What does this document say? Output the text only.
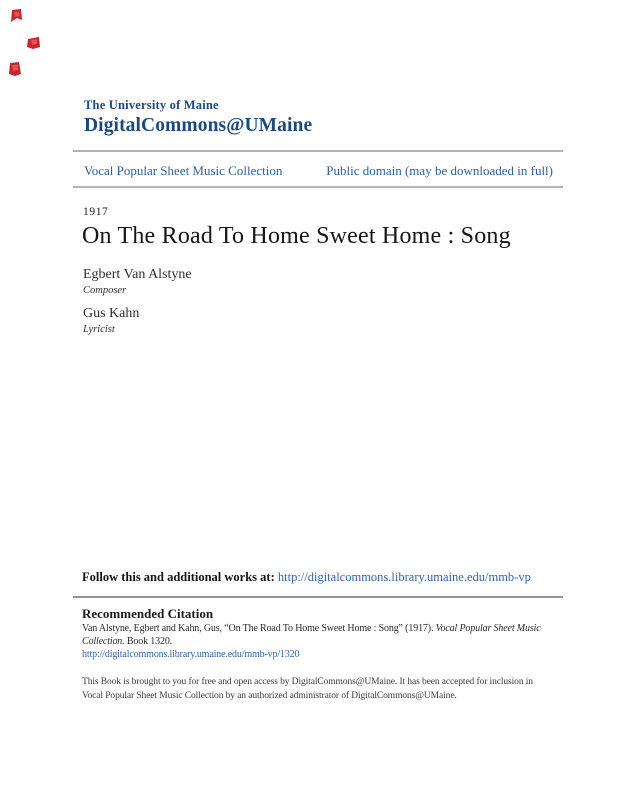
The University of Maine
DigitalCommons@UMaine
Vocal Popular Sheet Music Collection	Public domain (may be downloaded in full)
1917
On The Road To Home Sweet Home : Song
Egbert Van Alstyne
Composer
Gus Kahn
Lyricist
Follow this and additional works at: http://digitalcommons.library.umaine.edu/mmb-vp
Recommended Citation
Van Alstyne, Egbert and Kahn, Gus, “On The Road To Home Sweet Home : Song” (1917). Vocal Popular Sheet Music Collection. Book 1320.
http://digitalcommons.library.umaine.edu/mmb-vp/1320
This Book is brought to you for free and open access by DigitalCommons@UMaine. It has been accepted for inclusion in Vocal Popular Sheet Music Collection by an authorized administrator of DigitalCommons@UMaine.
